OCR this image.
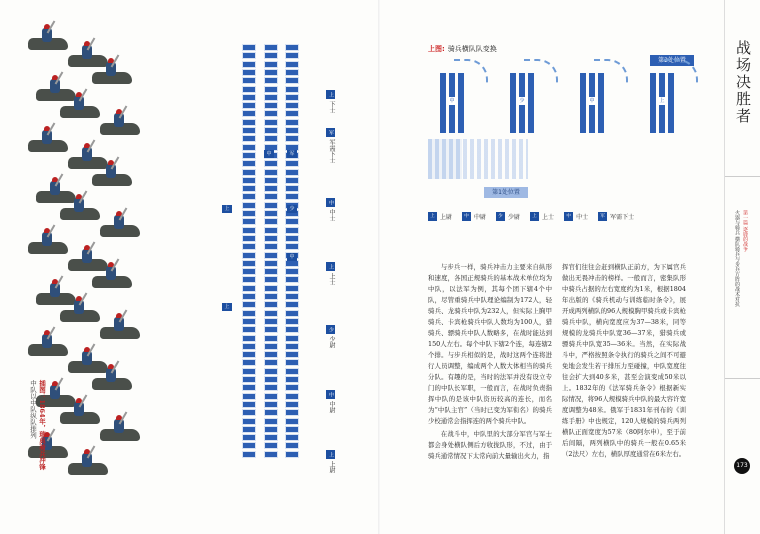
插图：1864年，瑞典骑兵冲锋
中队以中队纵队排列
上
上
中	军
少
中
上下士
军军需下士
中中士
上上士
少少尉
中中尉
上上尉
上图: 骑兵横队队变换
第2处位置
中	少	中	上
第1处位置
上 上尉	中 中尉	少 少尉	上 上士	中 中士	军 军需下士

与步兵一样，骑兵冲击力主要来自纵形和速度，各国正规骑兵的基本战术单位均为中队，以法军为例，其每个团下辖4个中队，尽管重骑兵中队理论编制为172人，轻骑兵、龙骑兵中队为232人，但实际上胸甲骑兵、卡宾枪骑兵中队人数均为100人，猎骑兵、骠骑兵中队人数略多，在战时能达到150人左右。每个中队下辖2个连，每连辖2个排。与步兵相似的是，战时这两个连将进行人员调整，编成两个人数大体相当的骑兵分队。有趣的是，当时的法军并没有设立专门的中队长军职，一般而言，在战时负责指挥中队的是该中队资历较高的连长，而名为“中队主官”（当时已变为军衔名）的骑兵少校通常会指挥连的两个骑兵中队。

在战斗中，中队里的大部分军官与军士都会身处横队侧后方收拢队形，不过，由于骑兵通常情况下太常向前大量输出火力，指

挥官们往往会赶到横队正前方，为下属官兵做出无畏冲击的榜样。一般而言，密集队形中骑兵占据的左右宽度约为1米，根据1804年出版的《骑兵机动与训练临时条令》，展开成两列横队的96人规模胸甲骑兵或卡宾枪骑兵中队，横向宽度应为37—38米，同等规模的龙骑兵中队宽36—37米，猎骑兵或骠骑兵中队宽35—36米。当然，在实际战斗中，严格按照条令执行的骑兵之间不可避免地会发生若干排压力至碰撞，中队宽度往往会扩大到40多米，甚至会演变成50米以上。1832年的《法军骑兵条令》根据新实际情况，将96人规模骑兵中队的最大容许宽度调整为48米。俄军于1831年刊布的《训练手册》中也规定，120人规模的骑兵两列横队正面宽度为57米（80阿尔申），至于前后间隔，两列横队中的骑兵一般在0.65米（2法尺）左右，横队厚度通常在6米左右。

战场决胜者
第一篇 逐鹿的战争
火器与骑兵 横队骑兵与步兵方阵的战术对抗
173
